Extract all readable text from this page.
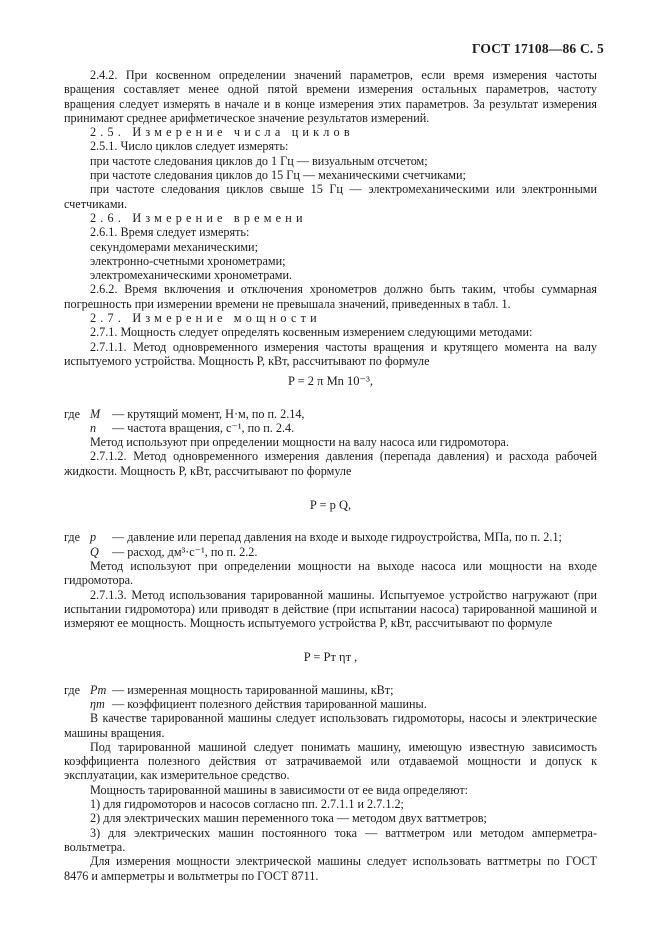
ГОСТ 17108—86 С. 5

2.4.2. При косвенном определении значений параметров, если время измерения частоты вращения составляет менее одной пятой времени измерения остальных параметров, частоту вращения следует измерять в начале и в конце измерения этих параметров. За результат измерения принимают среднее арифметическое значение результатов измерений.

2.5. Измерение числа циклов

2.5.1. Число циклов следует измерять:

при частоте следования циклов до 1 Гц — визуальным отсчетом;

при частоте следования циклов до 15 Гц — механическими счетчиками;

при частоте следования циклов свыше 15 Гц — электромеханическими или электронными счетчиками.

2.6. Измерение времени

2.6.1. Время следует измерять:

секундомерами механическими;

электронно-счетными хронометрами;

электромеханическими хронометрами.

2.6.2. Время включения и отключения хронометров должно быть таким, чтобы суммарная погрешность при измерении времени не превышала значений, приведенных в табл. 1.

2.7. Измерение мощности

2.7.1. Мощность следует определять косвенным измерением следующими методами:

2.7.1.1. Метод одновременного измерения частоты вращения и крутящего момента на валу испытуемого устройства. Мощность P, кВт, рассчитывают по формуле

P = 2 π Mn 10⁻³,

где M — крутящий момент, Н·м, по п. 2.14,
n	— частота вращения, с⁻¹, по п. 2.4.

Метод используют при определении мощности на валу насоса или гидромотора.

2.7.1.2. Метод одновременного измерения давления (перепада давления) и расхода рабочей жидкости. Мощность P, кВт, рассчитывают по формуле

P = p Q,

где p	— давление или перепад давления на входе и выходе гидроустройства, МПа, по п. 2.1;
Q	— расход, дм³·с⁻¹, по п. 2.2.

Метод используют при определении мощности на выходе насоса или мощности на входе гидромотора.

2.7.1.3. Метод использования тарированной машины. Испытуемое устройство нагружают (при испытании гидромотора) или приводят в действие (при испытании насоса) тарированной машиной и измеряют ее мощность. Мощность испытуемого устройства P, кВт, рассчитывают по формуле

P = Pт ηт ,

где Pт — измеренная мощность тарированной машины, кВт;
ηт — коэффициент полезного действия тарированной машины.

В качестве тарированной машины следует использовать гидромоторы, насосы и электрические машины вращения.

Под тарированной машиной следует понимать машину, имеющую известную зависимость коэффициента полезного действия от затрачиваемой или отдаваемой мощности и допуск к эксплуатации, как измерительное средство.

Мощность тарированной машины в зависимости от ее вида определяют:

1) для гидромоторов и насосов согласно пп. 2.7.1.1 и 2.7.1.2;

2) для электрических машин переменного тока — методом двух ваттметров;

3) для электрических машин постоянного тока — ваттметром или методом амперметра-вольтметра.

Для измерения мощности электрической машины следует использовать ваттметры по ГОСТ 8476 и амперметры и вольтметры по ГОСТ 8711.
